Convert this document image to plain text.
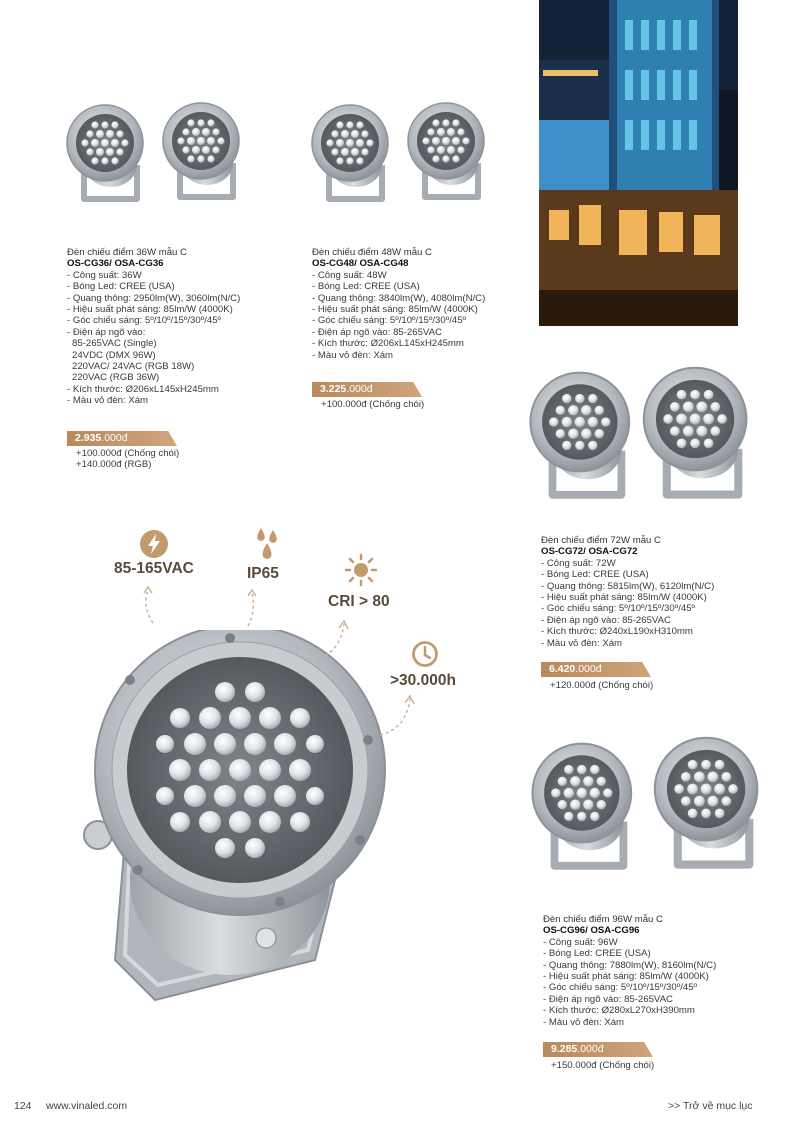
85-165VAC	IP65
CRI > 80
>30.000h
Đèn chiếu điểm 36W mẫu C
OS-CG36/ OSA-CG36
- Công suất: 36W
- Bóng Led: CREE (USA)
- Quang thông: 2950lm(W), 3060lm(N/C)
- Hiệu suất phát sáng: 85lm/W (4000K)
- Góc chiếu sáng: 5º/10º/15º/30º/45º
- Điện áp ngõ vào:
85-265VAC (Single)
24VDC (DMX 96W)
220VAC/ 24VAC (RGB 18W)
220VAC (RGB 36W)
- Kích thước: Ø206xL145xH245mm
- Màu vỏ đèn: Xám
2.935.000đ
+100.000đ (Chống chói)
+140.000đ (RGB)
Đèn chiếu điểm 48W mẫu C
OS-CG48/ OSA-CG48
- Công suất: 48W
- Bóng Led: CREE (USA)
- Quang thông: 3840lm(W), 4080lm(N/C)
- Hiệu suất phát sáng: 85lm/W (4000K)
- Góc chiếu sáng: 5º/10º/15º/30º/45º
- Điện áp ngõ vào: 85-265VAC
- Kích thước: Ø206xL145xH245mm
- Màu vỏ đèn: Xám
3.225.000đ
+100.000đ (Chống chói)
Đèn chiếu điểm 72W mẫu C
OS-CG72/ OSA-CG72
- Công suất: 72W
- Bóng Led: CREE (USA)
- Quang thông: 5815lm(W), 6120lm(N/C)
- Hiệu suất phát sáng: 85lm/W (4000K)
- Góc chiếu sáng: 5º/10º/15º/30º/45º
- Điện áp ngõ vào: 85-265VAC
- Kích thước: Ø240xL190xH310mm
- Màu vỏ đèn: Xám
6.420.000đ
+120.000đ (Chống chói)
Đèn chiếu điểm 96W mẫu C
OS-CG96/ OSA-CG96
- Công suất: 96W
- Bóng Led: CREE (USA)
- Quang thông: 7880lm(W), 8160lm(N/C)
- Hiệu suất phát sáng: 85lm/W (4000K)
- Góc chiếu sáng: 5º/10º/15º/30º/45º
- Điện áp ngõ vào: 85-265VAC
- Kích thước: Ø280xL270xH390mm
- Màu vỏ đèn: Xám
9.285.000đ
+150.000đ (Chống chói)
124 www.vinaled.com	>> Trở về mục lục
